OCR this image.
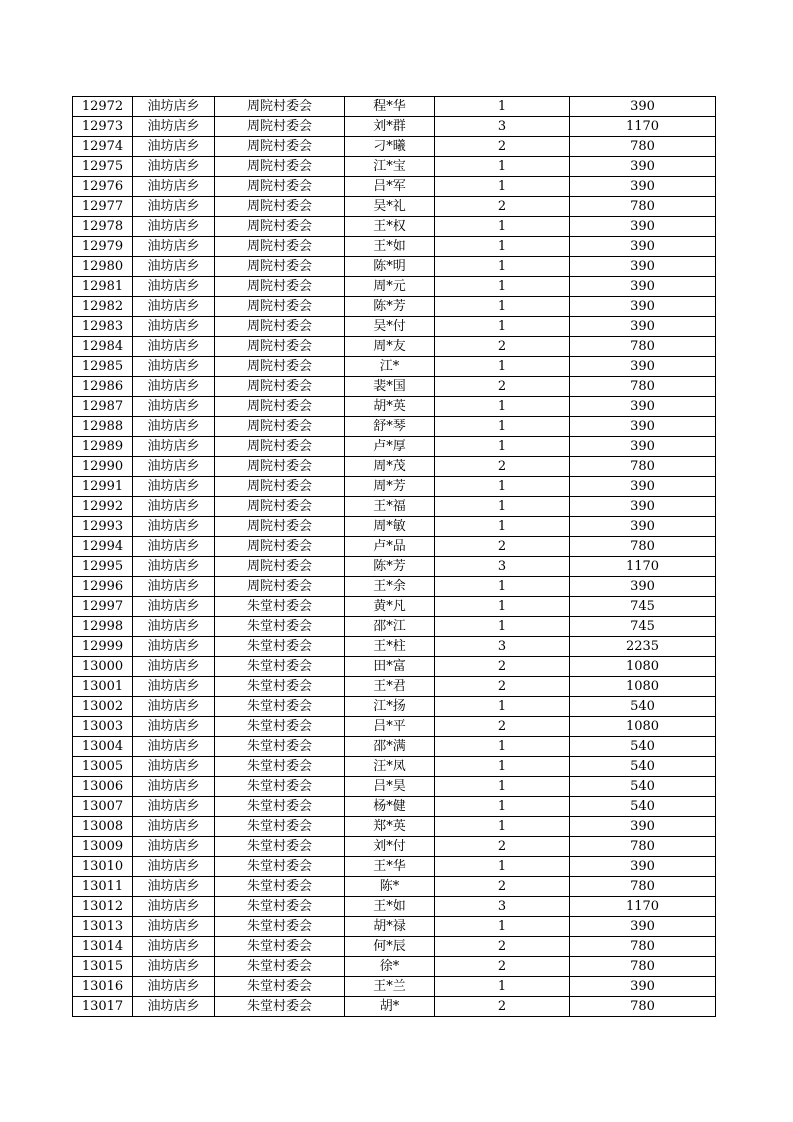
12972	油坊店乡	周院村委会	程*华	1	390
12973	油坊店乡	周院村委会	刘*群	3	1170
12974	油坊店乡	周院村委会	刁*曦	2	780
12975	油坊店乡	周院村委会	江*宝	1	390
12976	油坊店乡	周院村委会	吕*军	1	390
12977	油坊店乡	周院村委会	吴*礼	2	780
12978	油坊店乡	周院村委会	王*权	1	390
12979	油坊店乡	周院村委会	王*如	1	390
12980	油坊店乡	周院村委会	陈*明	1	390
12981	油坊店乡	周院村委会	周*元	1	390
12982	油坊店乡	周院村委会	陈*芳	1	390
12983	油坊店乡	周院村委会	吴*付	1	390
12984	油坊店乡	周院村委会	周*友	2	780
12985	油坊店乡	周院村委会	江*	1	390
12986	油坊店乡	周院村委会	裴*国	2	780
12987	油坊店乡	周院村委会	胡*英	1	390
12988	油坊店乡	周院村委会	舒*琴	1	390
12989	油坊店乡	周院村委会	卢*厚	1	390
12990	油坊店乡	周院村委会	周*茂	2	780
12991	油坊店乡	周院村委会	周*芳	1	390
12992	油坊店乡	周院村委会	王*福	1	390
12993	油坊店乡	周院村委会	周*敏	1	390
12994	油坊店乡	周院村委会	卢*品	2	780
12995	油坊店乡	周院村委会	陈*芳	3	1170
12996	油坊店乡	周院村委会	王*余	1	390
12997	油坊店乡	朱堂村委会	黄*凡	1	745
12998	油坊店乡	朱堂村委会	邵*江	1	745
12999	油坊店乡	朱堂村委会	王*柱	3	2235
13000	油坊店乡	朱堂村委会	田*富	2	1080
13001	油坊店乡	朱堂村委会	王*君	2	1080
13002	油坊店乡	朱堂村委会	江*扬	1	540
13003	油坊店乡	朱堂村委会	吕*平	2	1080
13004	油坊店乡	朱堂村委会	邵*满	1	540
13005	油坊店乡	朱堂村委会	汪*凤	1	540
13006	油坊店乡	朱堂村委会	吕*昊	1	540
13007	油坊店乡	朱堂村委会	杨*健	1	540
13008	油坊店乡	朱堂村委会	郑*英	1	390
13009	油坊店乡	朱堂村委会	刘*付	2	780
13010	油坊店乡	朱堂村委会	王*华	1	390
13011	油坊店乡	朱堂村委会	陈*	2	780
13012	油坊店乡	朱堂村委会	王*如	3	1170
13013	油坊店乡	朱堂村委会	胡*禄	1	390
13014	油坊店乡	朱堂村委会	何*辰	2	780
13015	油坊店乡	朱堂村委会	徐*	2	780
13016	油坊店乡	朱堂村委会	王*兰	1	390
13017	油坊店乡	朱堂村委会	胡*	2	780
